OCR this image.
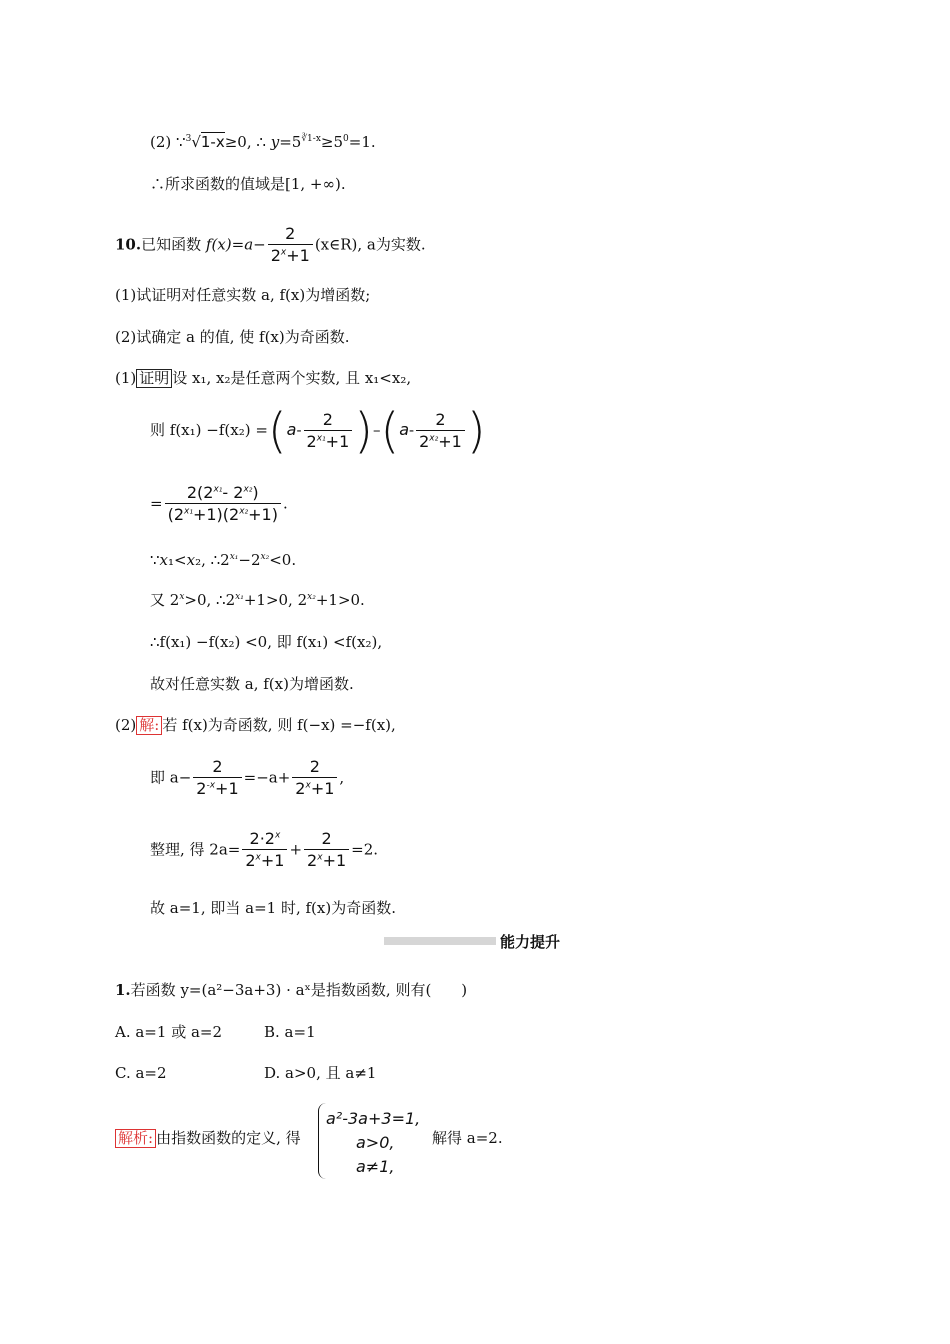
(2) ∵$^3$√1-x≥0, ∴ $y=5^{∛1-x}\ge 5^0=1$.
∴所求函数的值域是[1, +∞).
10.已知函数 $f(x)=a- \frac{2}{2^x+1}$ (x∈R), a为实数.
(1)试证明对任意实数 a, f(x)为增函数;
(2)试确定 a 的值, 使 f(x)为奇函数.
(1) 证明 设 x₁, x₂是任意两个实数, 且 x₁<x₂,
则 $f(x_1) -f(x_2) =(a- \frac{2}{2^{x_1}+1} )-(a- \frac{2}{2^{x_2}+1}$ )
= $\frac{2(2^{x_1}- 2^{x_2})}{(2^{x_1}+1)(2^{x_2}+1)}$ .
∵x₁<x₂, $\therefore 2^{x_1}-2^{x_2}<0$.
又 $2^x>0$, $\therefore 2^{x_1}+1>0$, $2^{x_2}+1>0$.
∴f(x₁) −f(x₂) <0, 即 f(x₁) <f(x₂),
故对任意实数 a, f(x)为增函数.
(2) 解: 若 f(x)为奇函数, 则 f(−x) =−f(x),
即 $a- \frac{2}{2^{-x}+1} =-a+ \frac{2}{2^x+1}$ ,
整理, 得 $2a= \frac{2\cdot 2^x}{2^x+1} + \frac{2}{2^x+1} =2$.
故 a=1, 即当 a=1 时, f(x)为奇函数.
能力提升
1.若函数 y=(a²−3a+3) · aˣ是指数函数, 则有(　　)
A. a=1 或 a=2	B. a=1
C. a=2	D. a>0, 且 a≠1
解析: 由指数函数的定义, 得
a²-3a+3=1,
a>0,
a≠1,
解得 a=2.
